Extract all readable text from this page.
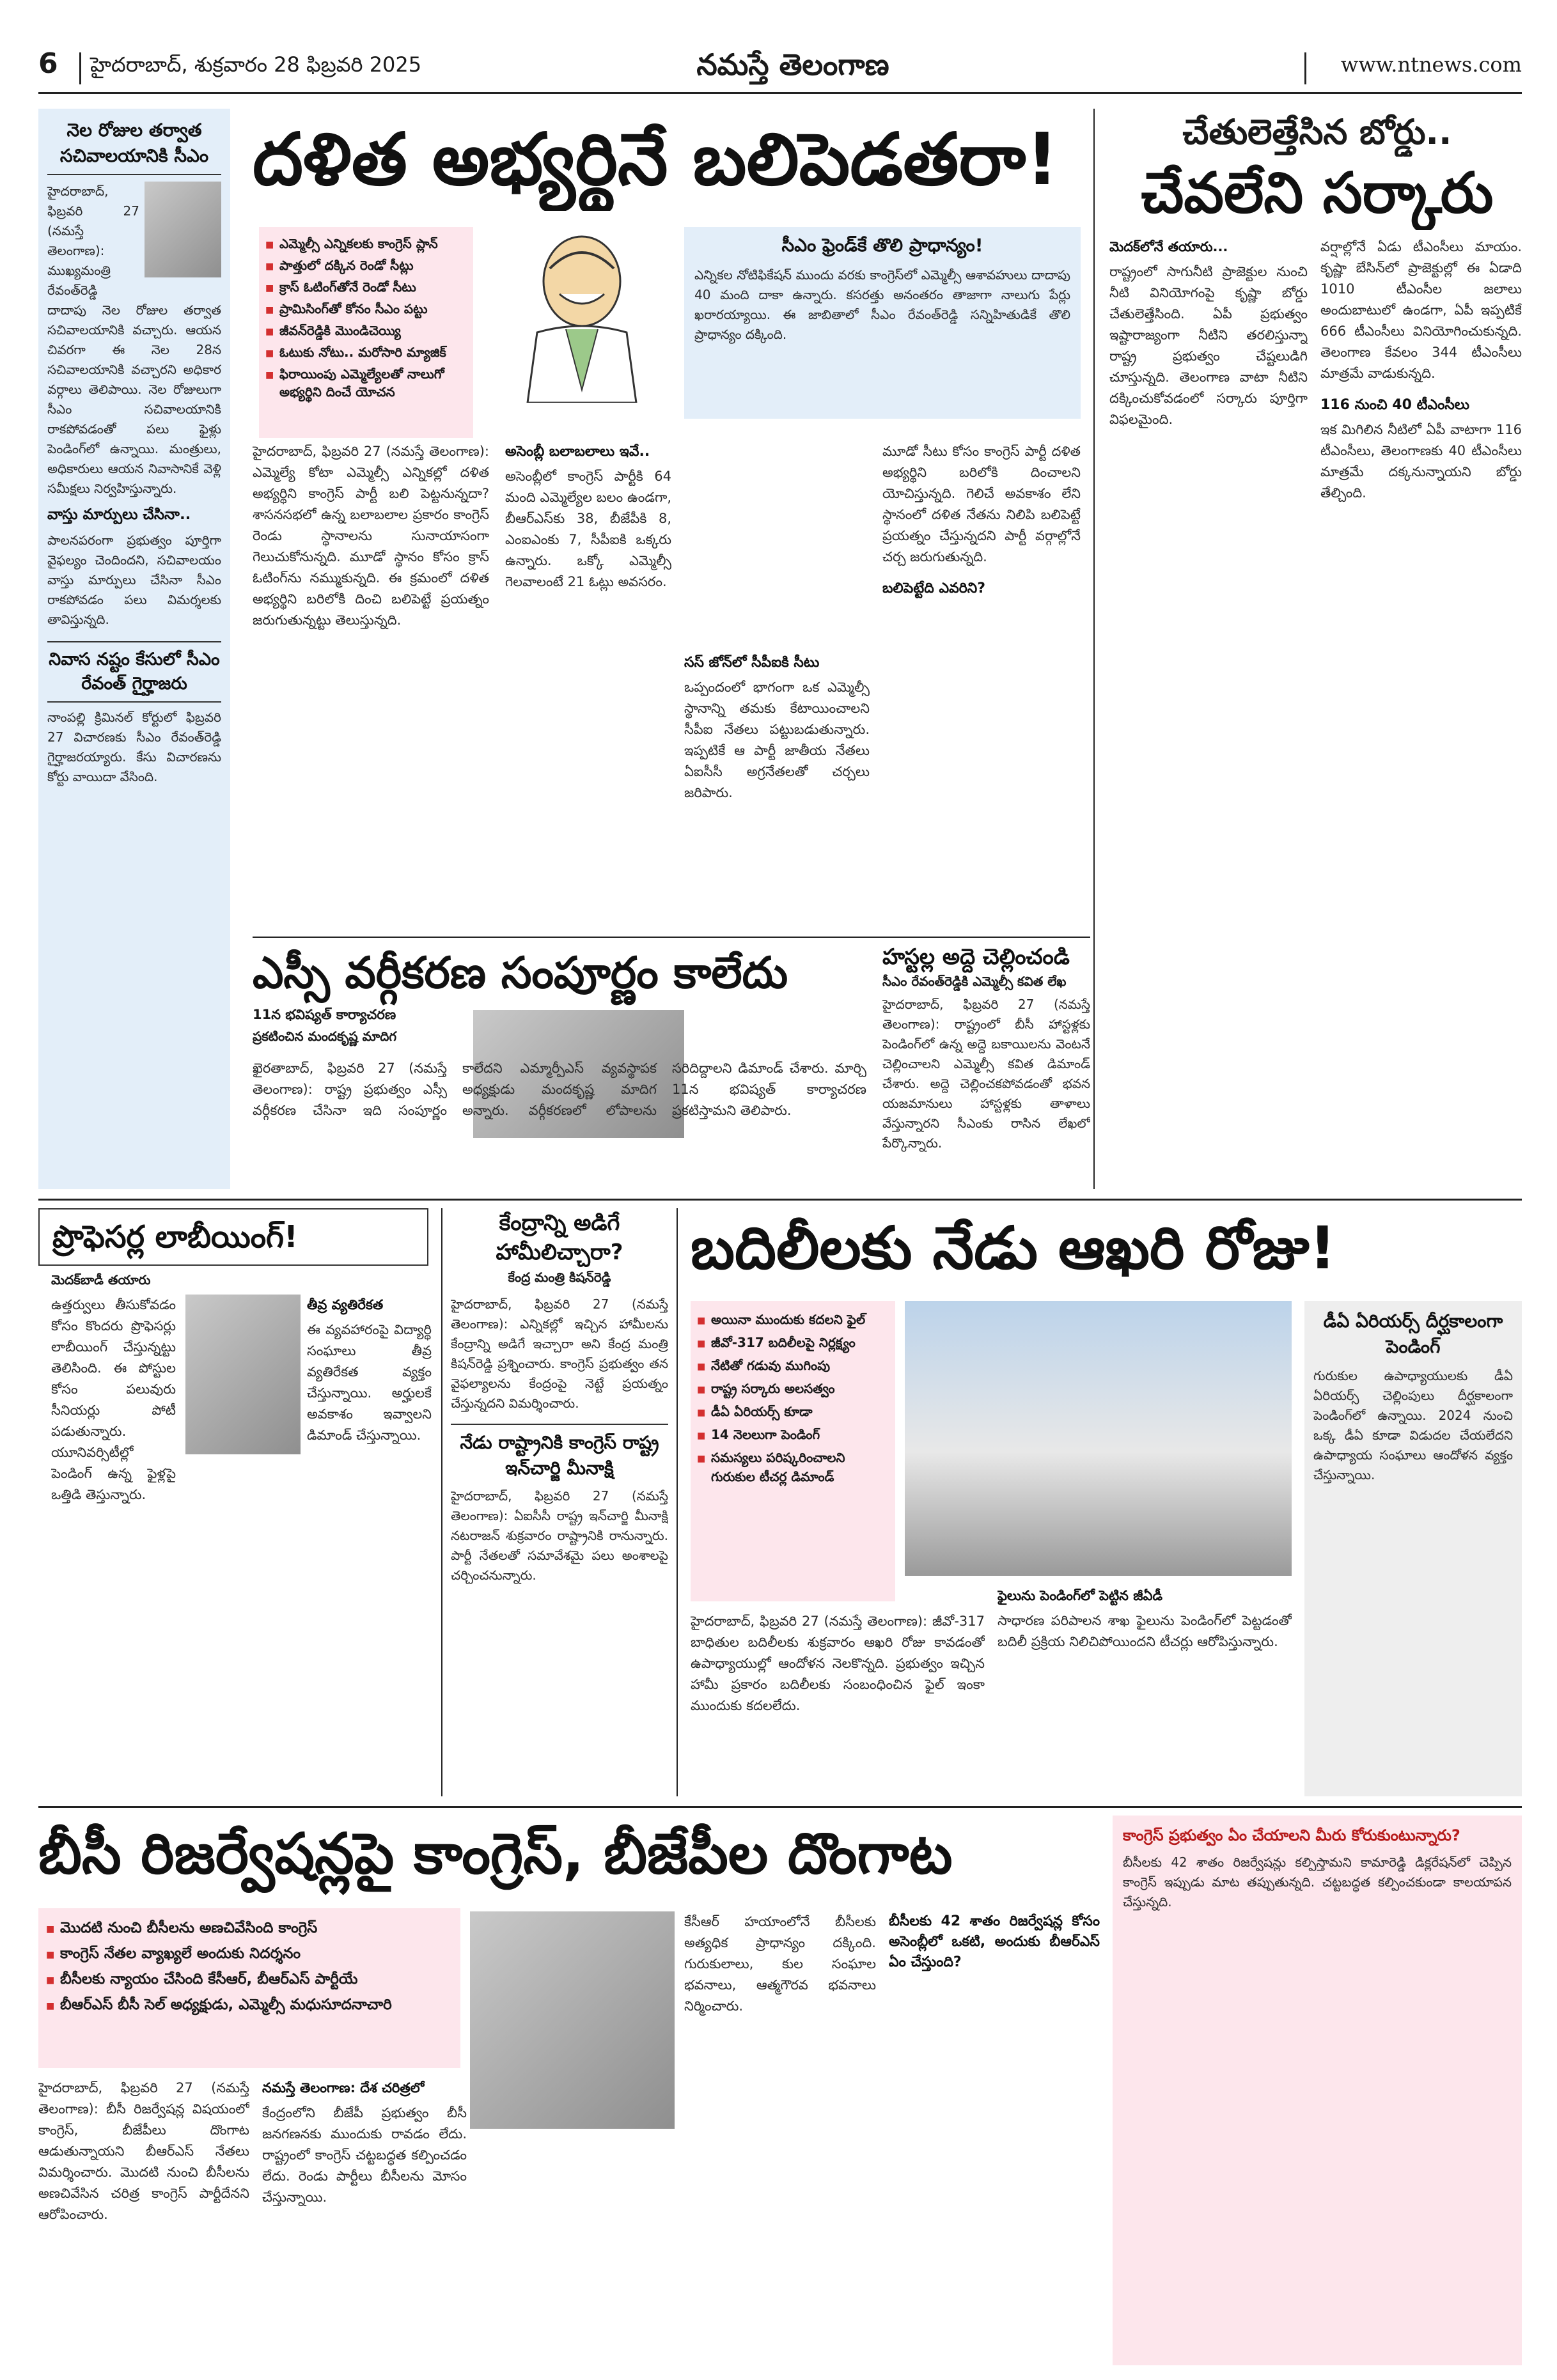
6	హైదరాబాద్‌, శుక్రవారం 28 ఫిబ్రవరి 2025	నమస్తే తెలంగాణ	www.ntnews.com
నెల రోజుల తర్వాత సచివాలయానికి సీఎం
హైదరాబాద్‌, ఫిబ్రవరి 27 (నమస్తే తెలంగాణ): ముఖ్యమంత్రి రేవంత్‌రెడ్డి దాదాపు నెల రోజుల తర్వాత సచివాలయానికి వచ్చారు. ఆయన చివరగా ఈ నెల 28న సచివాలయానికి వచ్చారని అధికార వర్గాలు తెలిపాయి. నెల రోజులుగా సీఎం సచివాలయానికి రాకపోవడంతో పలు ఫైళ్లు పెండింగ్‌లో ఉన్నాయి. మంత్రులు, అధికారులు ఆయన నివాసానికే వెళ్లి సమీక్షలు నిర్వహిస్తున్నారు.
వాస్తు మార్పులు చేసినా..
పాలనపరంగా ప్రభుత్వం పూర్తిగా వైఫల్యం చెందిందని, సచివాలయం వాస్తు మార్పులు చేసినా సీఎం రాకపోవడం పలు విమర్శలకు తావిస్తున్నది.
నివాస నష్టం కేసులో సీఎం రేవంత్‌ గైర్హాజరు
నాంపల్లి క్రిమినల్‌ కోర్టులో ఫిబ్రవరి 27 విచారణకు సీఎం రేవంత్‌రెడ్డి గైర్హాజరయ్యారు. కేసు విచారణను కోర్టు వాయిదా వేసింది.
దళిత అభ్యర్థినే బలిపెడతరా!
■ ఎమ్మెల్సీ ఎన్నికలకు కాంగ్రెస్‌ ప్లాన్‌
■ పాత్తులో దక్కిన రెండో సీట్లు
■ క్రాస్‌ ఓటింగ్‌తోనే రెండో సీటు
■ ప్రామిసింగ్‌తో కోనం సీఎం పట్టు
■ జీవన్‌రెడ్డికి మొండిచెయ్యి
■ ఓటుకు నోటు.. మరోసారి మ్యాజిక్‌
■ ఫిరాయింపు ఎమ్మెల్యేలతో నాలుగో అభ్యర్థిని దించే యోచన
సీఎం ఫ్రెండ్‌కే తొలి ప్రాధాన్యం!
ఎన్నికల నోటిఫికేషన్‌ ముందు వరకు కాంగ్రెస్‌లో ఎమ్మెల్సీ ఆశావహులు దాదాపు 40 మంది దాకా ఉన్నారు. కసరత్తు అనంతరం తాజాగా నాలుగు పేర్లు ఖరారయ్యాయి. ఈ జాబితాలో సీఎం రేవంత్‌రెడ్డి సన్నిహితుడికే తొలి ప్రాధాన్యం దక్కింది.
హైదరాబాద్‌, ఫిబ్రవరి 27 (నమస్తే తెలంగాణ): ఎమ్మెల్యే కోటా ఎమ్మెల్సీ ఎన్నికల్లో దళిత అభ్యర్థిని కాంగ్రెస్‌ పార్టీ బలి పెట్టనున్నదా? శాసనసభలో ఉన్న బలాబలాల ప్రకారం కాంగ్రెస్‌ రెండు స్థానాలను సునాయాసంగా గెలుచుకోనున్నది. మూడో స్థానం కోసం క్రాస్‌ ఓటింగ్‌ను నమ్ముకున్నది. ఈ క్రమంలో దళిత అభ్యర్థిని బరిలోకి దించి బలిపెట్టే ప్రయత్నం జరుగుతున్నట్టు తెలుస్తున్నది.
అసెంబ్లీ బలాబలాలు ఇవే..
అసెంబ్లీలో కాంగ్రెస్‌ పార్టీకి 64 మంది ఎమ్మెల్యేల బలం ఉండగా, బీఆర్‌ఎస్‌కు 38, బీజేపీకి 8, ఎంఐఎంకు 7, సీపీఐకి ఒక్కరు ఉన్నారు. ఒక్కో ఎమ్మెల్సీ గెలవాలంటే 21 ఓట్లు అవసరం.
సస్‌ జోన్‌లో సీపీఐకి సీటు
ఒప్పందంలో భాగంగా ఒక ఎమ్మెల్సీ స్థానాన్ని తమకు కేటాయించాలని సీపీఐ నేతలు పట్టుబడుతున్నారు. ఇప్పటికే ఆ పార్టీ జాతీయ నేతలు ఏఐసీసీ అగ్రనేతలతో చర్చలు జరిపారు.
మూడో సీటు కోసం కాంగ్రెస్‌ పార్టీ దళిత అభ్యర్థిని బరిలోకి దించాలని యోచిస్తున్నది. గెలిచే అవకాశం లేని స్థానంలో దళిత నేతను నిలిపి బలిపెట్టే ప్రయత్నం చేస్తున్నదని పార్టీ వర్గాల్లోనే చర్చ జరుగుతున్నది.
బలిపెట్టేది ఎవరిని?
చేతులెత్తేసిన బోర్డు..
చేవలేని సర్కారు
మెదక్‌లోనే తయారు...
రాష్ట్రంలో సాగునీటి ప్రాజెక్టుల నుంచి నీటి వినియోగంపై కృష్ణా బోర్డు చేతులెత్తేసింది. ఏపీ ప్రభుత్వం ఇష్టారాజ్యంగా నీటిని తరలిస్తున్నా రాష్ట్ర ప్రభుత్వం చేష్టలుడిగి చూస్తున్నది. తెలంగాణ వాటా నీటిని దక్కించుకోవడంలో సర్కారు పూర్తిగా విఫలమైంది.
వర్షాల్లోనే ఏడు టీఎంసీలు మాయం. కృష్ణా బేసిన్‌లో ప్రాజెక్టుల్లో ఈ ఏడాది 1010 టీఎంసీల జలాలు అందుబాటులో ఉండగా, ఏపీ ఇప్పటికే 666 టీఎంసీలు వినియోగించుకున్నది. తెలంగాణ కేవలం 344 టీఎంసీలు మాత్రమే వాడుకున్నది.
116 నుంచి 40 టీఎంసీలు
ఇక మిగిలిన నీటిలో ఏపీ వాటాగా 116 టీఎంసీలు, తెలంగాణకు 40 టీఎంసీలు మాత్రమే దక్కనున్నాయని బోర్డు తేల్చింది.
ఎస్సీ వర్గీకరణ సంపూర్ణం కాలేదు
11న భవిష్యత్‌ కార్యాచరణ
ప్రకటించిన మందకృష్ణ మాదిగ
ఖైరతాబాద్‌, ఫిబ్రవరి 27 (నమస్తే తెలంగాణ): రాష్ట్ర ప్రభుత్వం ఎస్సీ వర్గీకరణ చేసినా ఇది సంపూర్ణం కాలేదని ఎమ్మార్పీఎస్‌ వ్యవస్థాపక అధ్యక్షుడు మందకృష్ణ మాదిగ అన్నారు. వర్గీకరణలో లోపాలను సరిదిద్దాలని డిమాండ్‌ చేశారు. మార్చి 11న భవిష్యత్‌ కార్యాచరణ ప్రకటిస్తామని తెలిపారు.
హస్టల్ల అద్దె చెల్లించండి
సీఎం రేవంత్‌రెడ్డికి ఎమ్మెల్సీ కవిత లేఖ
హైదరాబాద్‌, ఫిబ్రవరి 27 (నమస్తే తెలంగాణ): రాష్ట్రంలో బీసీ హాస్టళ్లకు పెండింగ్‌లో ఉన్న అద్దె బకాయిలను వెంటనే చెల్లించాలని ఎమ్మెల్సీ కవిత డిమాండ్‌ చేశారు. అద్దె చెల్లించకపోవడంతో భవన యజమానులు హాస్టళ్లకు తాళాలు వేస్తున్నారని సీఎంకు రాసిన లేఖలో పేర్కొన్నారు.
ప్రొఫెసర్ల లాబీయింగ్‌!
మెదక్‌బాడీ తయారు
ఉత్తర్వులు తీసుకోవడం కోసం కొందరు ప్రొఫెసర్లు లాబీయింగ్‌ చేస్తున్నట్టు తెలిసింది. ఈ పోస్టుల కోసం పలువురు సీనియర్లు పోటీ పడుతున్నారు. యూనివర్సిటీల్లో పెండింగ్‌ ఉన్న ఫైళ్లపై ఒత్తిడి తెస్తున్నారు.
తీవ్ర వ్యతిరేకత
ఈ వ్యవహారంపై విద్యార్థి సంఘాలు తీవ్ర వ్యతిరేకత వ్యక్తం చేస్తున్నాయి. అర్హులకే అవకాశం ఇవ్వాలని డిమాండ్‌ చేస్తున్నాయి.
కేంద్రాన్ని అడిగే హామీలిచ్చారా?
కేంద్ర మంత్రి కిషన్‌రెడ్డి
హైదరాబాద్‌, ఫిబ్రవరి 27 (నమస్తే తెలంగాణ): ఎన్నికల్లో ఇచ్చిన హామీలను కేంద్రాన్ని అడిగే ఇచ్చారా అని కేంద్ర మంత్రి కిషన్‌రెడ్డి ప్రశ్నించారు. కాంగ్రెస్‌ ప్రభుత్వం తన వైఫల్యాలను కేంద్రంపై నెట్టే ప్రయత్నం చేస్తున్నదని విమర్శించారు.
నేడు రాష్ట్రానికి కాంగ్రెస్‌ రాష్ట్ర ఇన్‌చార్జి మీనాక్షి
హైదరాబాద్‌, ఫిబ్రవరి 27 (నమస్తే తెలంగాణ): ఏఐసీసీ రాష్ట్ర ఇన్‌చార్జి మీనాక్షి నటరాజన్‌ శుక్రవారం రాష్ట్రానికి రానున్నారు. పార్టీ నేతలతో సమావేశమై పలు అంశాలపై చర్చించనున్నారు.
బదిలీలకు నేడు ఆఖరి రోజు!
■ అయినా ముందుకు కదలని ఫైల్‌
■ జీవో-317 బదిలీలపై నిర్లక్ష్యం
■ నేటితో గడువు ముగింపు
■ రాష్ట్ర సర్కారు అలసత్వం
■ డీఏ ఏరియర్స్‌ కూడా
■ 14 నెలలుగా పెండింగ్‌
■ సమస్యలు పరిష్కరించాలని గురుకుల టీచర్ల డిమాండ్‌
డీఏ ఏరియర్స్‌ దీర్ఘకాలంగా పెండింగ్‌
గురుకుల ఉపాధ్యాయులకు డీఏ ఏరియర్స్‌ చెల్లింపులు దీర్ఘకాలంగా పెండింగ్‌లో ఉన్నాయి. 2024 నుంచి ఒక్క డీఏ కూడా విడుదల చేయలేదని ఉపాధ్యాయ సంఘాలు ఆందోళన వ్యక్తం చేస్తున్నాయి.
హైదరాబాద్‌, ఫిబ్రవరి 27 (నమస్తే తెలంగాణ): జీవో-317 బాధితుల బదిలీలకు శుక్రవారం ఆఖరి రోజు కావడంతో ఉపాధ్యాయుల్లో ఆందోళన నెలకొన్నది. ప్రభుత్వం ఇచ్చిన హామీ ప్రకారం బదిలీలకు సంబంధించిన ఫైల్‌ ఇంకా ముందుకు కదలలేదు.
ఫైలును పెండింగ్‌లో పెట్టిన జీఏడీ
సాధారణ పరిపాలన శాఖ ఫైలును పెండింగ్‌లో పెట్టడంతో బదిలీ ప్రక్రియ నిలిచిపోయిందని టీచర్లు ఆరోపిస్తున్నారు.
బీసీ రిజర్వేషన్లపై కాంగ్రెస్‌, బీజేపీల దొంగాట
■ మొదటి నుంచి బీసీలను అణచివేసింది కాంగ్రెస్‌
■ కాంగ్రెస్‌ నేతల వ్యాఖ్యలే అందుకు నిదర్శనం
■ బీసీలకు న్యాయం చేసింది కేసీఆర్‌, బీఆర్‌ఎస్‌ పార్టీయే
■ బీఆర్‌ఎస్‌ బీసీ సెల్‌ అధ్యక్షుడు, ఎమ్మెల్సీ మధుసూదనాచారి
హైదరాబాద్‌, ఫిబ్రవరి 27 (నమస్తే తెలంగాణ): బీసీ రిజర్వేషన్ల విషయంలో కాంగ్రెస్‌, బీజేపీలు దొంగాట ఆడుతున్నాయని బీఆర్‌ఎస్‌ నేతలు విమర్శించారు. మొదటి నుంచి బీసీలను అణచివేసిన చరిత్ర కాంగ్రెస్‌ పార్టీదేనని ఆరోపించారు.
నమస్తే తెలంగాణ: దేశ చరిత్రలో
కేంద్రంలోని బీజేపీ ప్రభుత్వం బీసీ జనగణనకు ముందుకు రావడం లేదు. రాష్ట్రంలో కాంగ్రెస్‌ చట్టబద్ధత కల్పించడం లేదు. రెండు పార్టీలు బీసీలను మోసం చేస్తున్నాయి.
కేసీఆర్‌ హయాంలోనే బీసీలకు అత్యధిక ప్రాధాన్యం దక్కింది. గురుకులాలు, కుల సంఘాల భవనాలు, ఆత్మగౌరవ భవనాలు నిర్మించారు.
బీసీలకు 42 శాతం రిజర్వేషన్ల కోసం అసెంబ్లీలో ఒకటి, అందుకు బీఆర్‌ఎస్‌ ఏం చేస్తుంది?
కాంగ్రెస్‌ ప్రభుత్వం ఏం చేయాలని మీరు కోరుకుంటున్నారు?
బీసీలకు 42 శాతం రిజర్వేషన్లు కల్పిస్తామని కామారెడ్డి డిక్లరేషన్‌లో చెప్పిన కాంగ్రెస్‌ ఇప్పుడు మాట తప్పుతున్నది. చట్టబద్ధత కల్పించకుండా కాలయాపన చేస్తున్నది.
